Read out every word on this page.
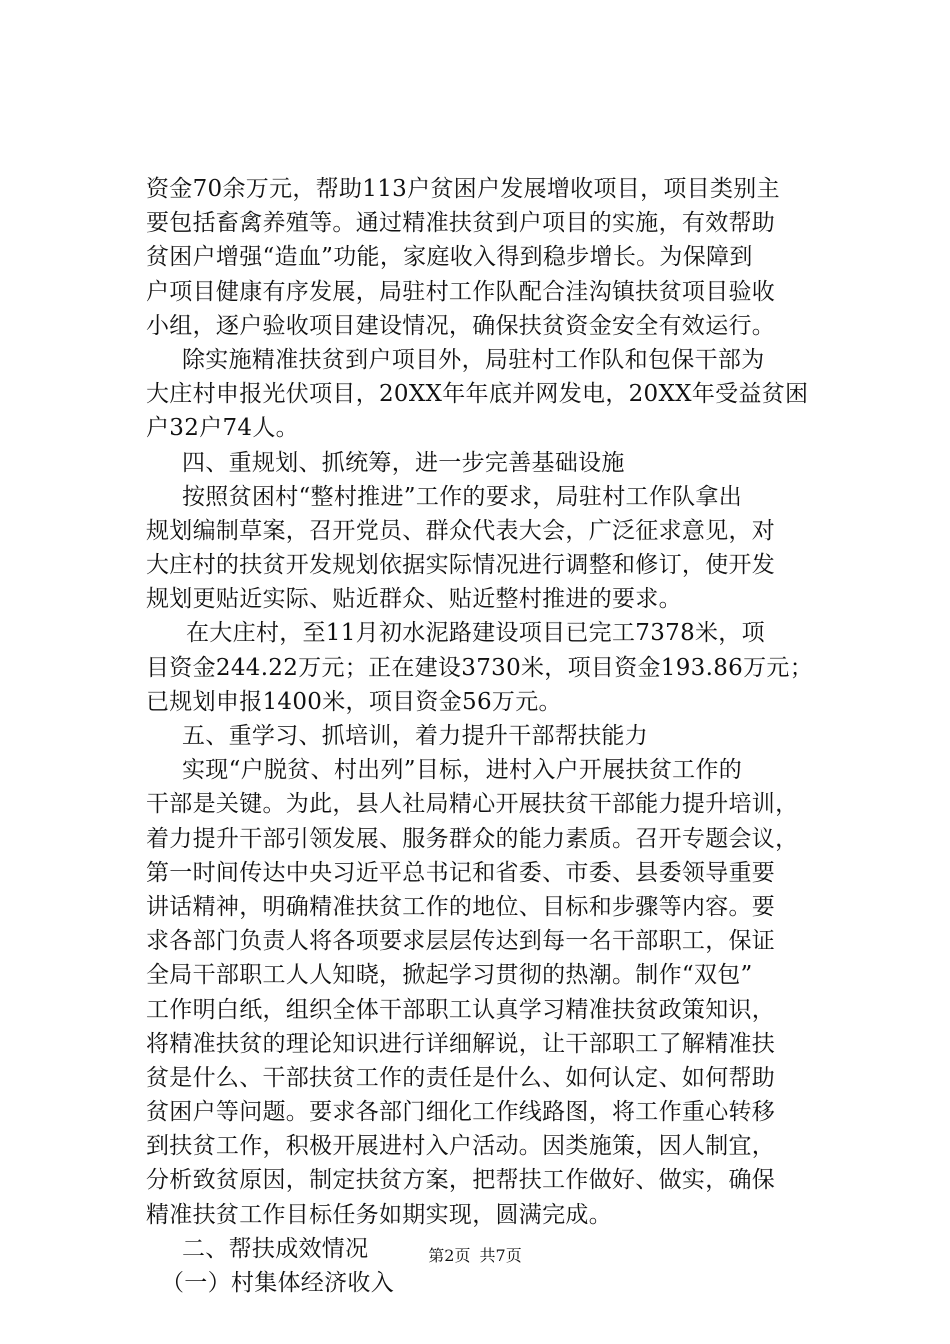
资金70余万元，帮助113户贫困户发展增收项目，项目类别主
要包括畜禽养殖等。通过精准扶贫到户项目的实施，有效帮助
贫困户增强“造血”功能，家庭收入得到稳步增长。为保障到
户项目健康有序发展，局驻村工作队配合洼沟镇扶贫项目验收
小组，逐户验收项目建设情况，确保扶贫资金安全有效运行。
除实施精准扶贫到户项目外，局驻村工作队和包保干部为
大庄村申报光伏项目，20XX年年底并网发电，20XX年受益贫困
户32户74人。
四、重规划、抓统筹，进一步完善基础设施
按照贫困村“整村推进”工作的要求，局驻村工作队拿出
规划编制草案，召开党员、群众代表大会，广泛征求意见，对
大庄村的扶贫开发规划依据实际情况进行调整和修订，使开发
规划更贴近实际、贴近群众、贴近整村推进的要求。
在大庄村，至11月初水泥路建设项目已完工7378米，项
目资金244.22万元；正在建设3730米，项目资金193.86万元；
已规划申报1400米，项目资金56万元。
五、重学习、抓培训，着力提升干部帮扶能力
实现“户脱贫、村出列”目标，进村入户开展扶贫工作的
干部是关键。为此，县人社局精心开展扶贫干部能力提升培训，
着力提升干部引领发展、服务群众的能力素质。召开专题会议，
第一时间传达中央习近平总书记和省委、市委、县委领导重要
讲话精神，明确精准扶贫工作的地位、目标和步骤等内容。要
求各部门负责人将各项要求层层传达到每一名干部职工，保证
全局干部职工人人知晓，掀起学习贯彻的热潮。制作“双包”
工作明白纸，组织全体干部职工认真学习精准扶贫政策知识，
将精准扶贫的理论知识进行详细解说，让干部职工了解精准扶
贫是什么、干部扶贫工作的责任是什么、如何认定、如何帮助
贫困户等问题。要求各部门细化工作线路图，将工作重心转移
到扶贫工作，积极开展进村入户活动。因类施策，因人制宜，
分析致贫原因，制定扶贫方案，把帮扶工作做好、做实，确保
精准扶贫工作目标任务如期实现，圆满完成。
二、帮扶成效情况
（一）村集体经济收入
第2页 共7页
